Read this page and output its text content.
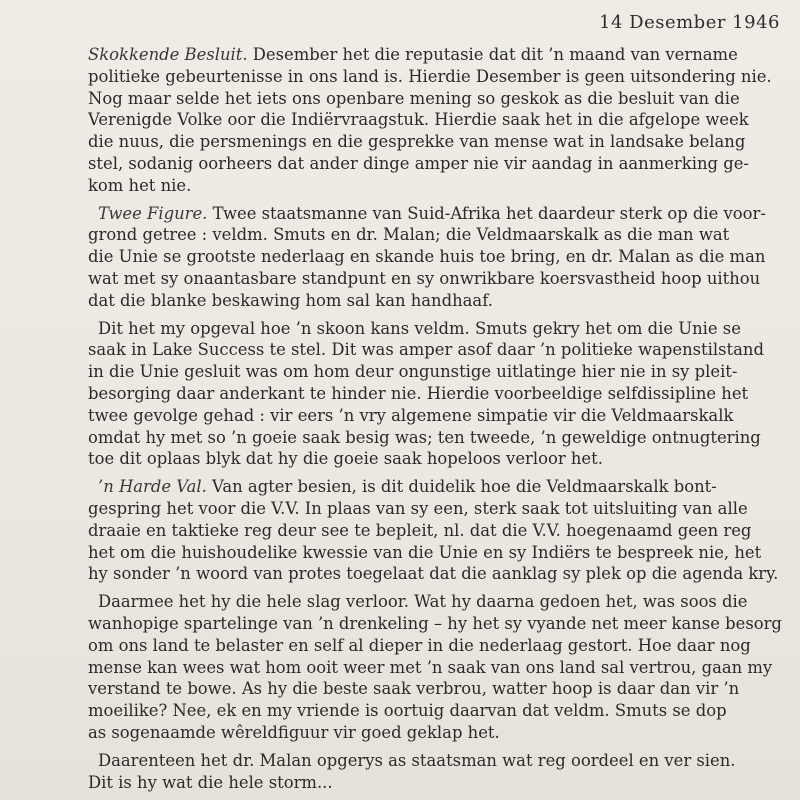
14 Desember 1946
Skokkende Besluit. Desember het die reputasie dat dit ’n maand van vername
politieke gebeurtenisse in ons land is. Hierdie Desember is geen uitsondering nie.
Nog maar selde het iets ons openbare mening so geskok as die besluit van die
Verenigde Volke oor die Indiërvraagstuk. Hierdie saak het in die afgelope week
die nuus, die persmenings en die gesprekke van mense wat in landsake belang
stel, sodanig oorheers dat ander dinge amper nie vir aandag in aanmerking ge-
kom het nie.
Twee Figure. Twee staatsmanne van Suid-Afrika het daardeur sterk op die voor-
grond getree : veldm. Smuts en dr. Malan; die Veldmaarskalk as die man wat
die Unie se grootste nederlaag en skande huis toe bring, en dr. Malan as die man
wat met sy onaantasbare standpunt en sy onwrikbare koersvastheid hoop uithou
dat die blanke beskawing hom sal kan handhaaf.
Dit het my opgeval hoe ’n skoon kans veldm. Smuts gekry het om die Unie se
saak in Lake Success te stel. Dit was amper asof daar ’n politieke wapenstilstand
in die Unie gesluit was om hom deur ongunstige uitlatinge hier nie in sy pleit-
besorging daar anderkant te hinder nie. Hierdie voorbeeldige selfdissipline het
twee gevolge gehad : vir eers ’n vry algemene simpatie vir die Veldmaarskalk
omdat hy met so ’n goeie saak besig was; ten tweede, ’n geweldige ontnugtering
toe dit oplaas blyk dat hy die goeie saak hopeloos verloor het.
’n Harde Val. Van agter besien, is dit duidelik hoe die Veldmaarskalk bont-
gespring het voor die V.V. In plaas van sy een, sterk saak tot uitsluiting van alle
draaie en taktieke reg deur see te bepleit, nl. dat die V.V. hoegenaamd geen reg
het om die huishoudelike kwessie van die Unie en sy Indiërs te bespreek nie, het
hy sonder ’n woord van protes toegelaat dat die aanklag sy plek op die agenda kry.
Daarmee het hy die hele slag verloor. Wat hy daarna gedoen het, was soos die
wanhopige spartelinge van ’n drenkeling – hy het sy vyande net meer kanse besorg
om ons land te belaster en self al dieper in die nederlaag gestort. Hoe daar nog
mense kan wees wat hom ooit weer met ’n saak van ons land sal vertrou, gaan my
verstand te bowe. As hy die beste saak verbrou, watter hoop is daar dan vir ’n
moeilike? Nee, ek en my vriende is oortuig daarvan dat veldm. Smuts se dop
as sogenaamde wêreldfiguur vir goed geklap het.
Daarenteen het dr. Malan opgerys as staatsman wat reg oordeel en ver sien.
Dit is hy wat die hele storm...
